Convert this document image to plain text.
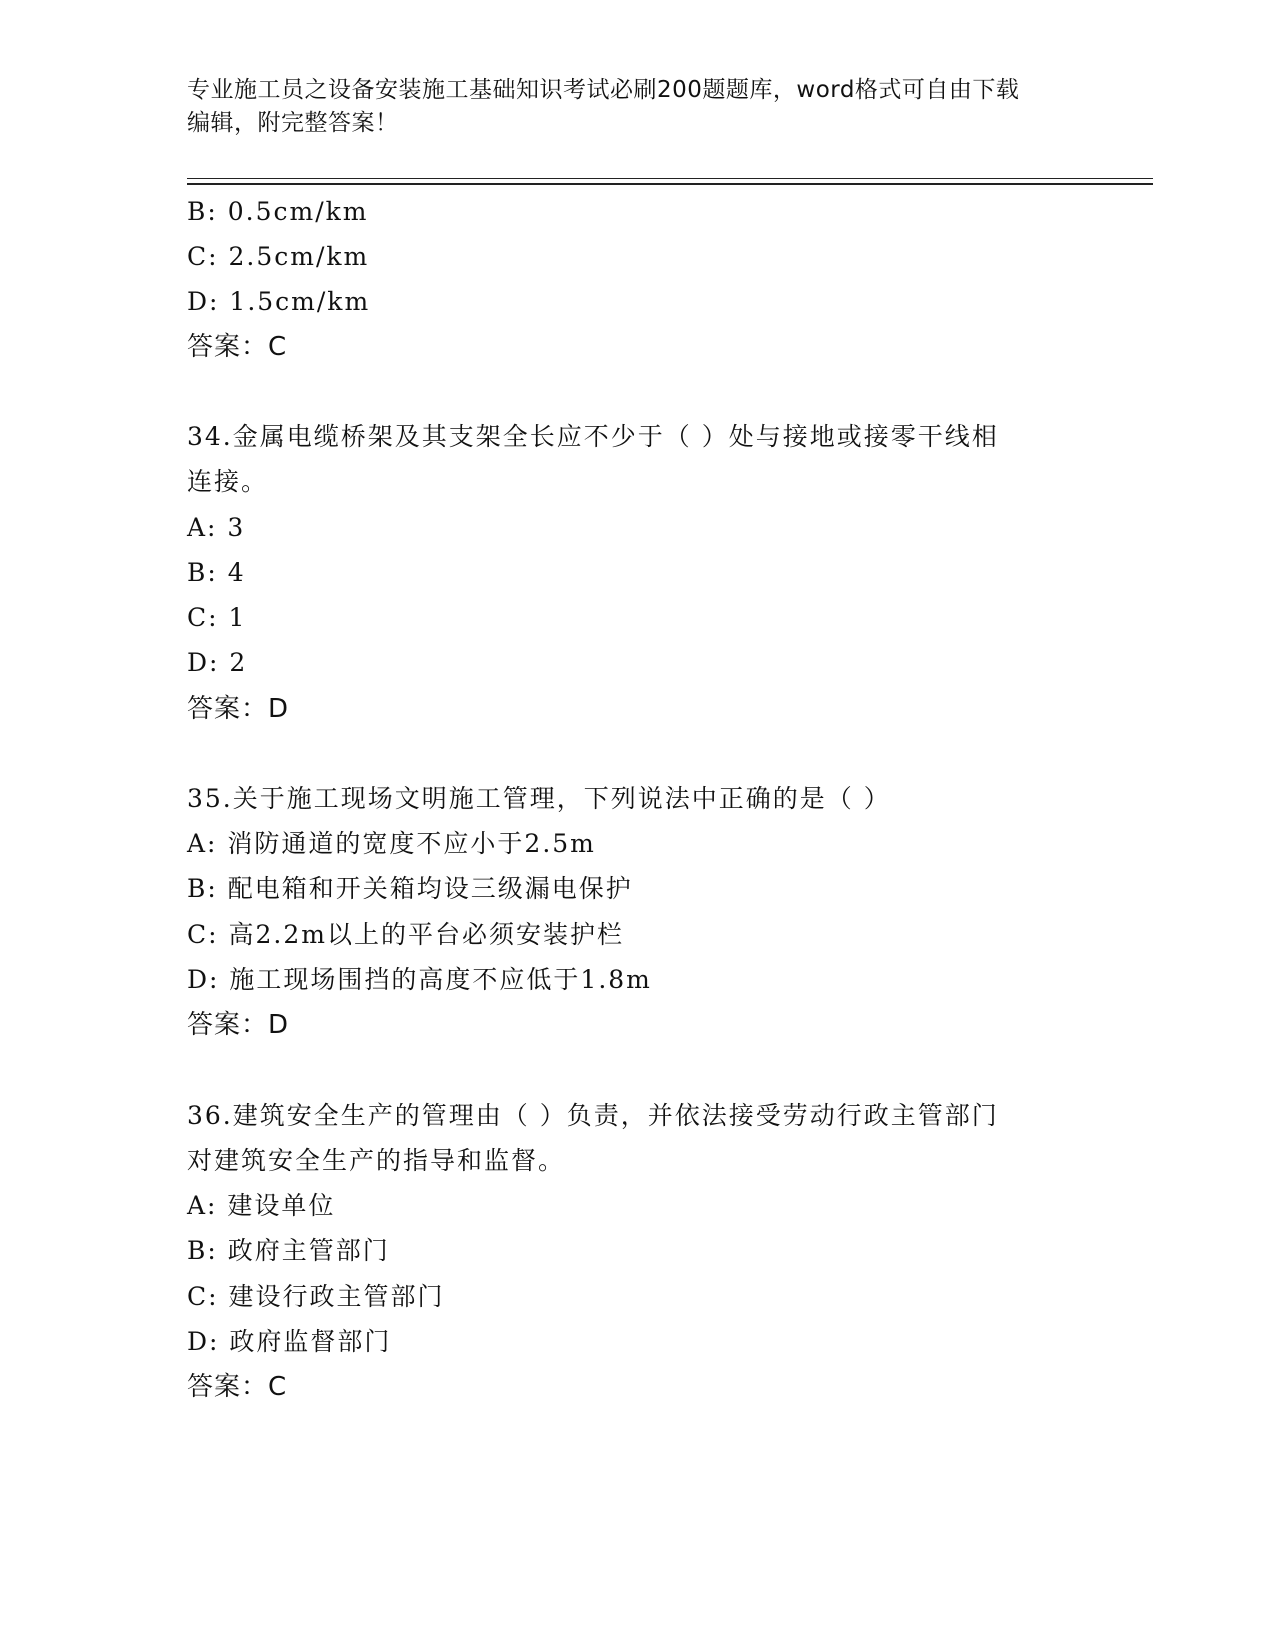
专业施工员之设备安装施工基础知识考试必刷200题题库，word格式可自由下载
编辑，附完整答案！
B: 0.5cm/km
C: 2.5cm/km
D: 1.5cm/km
答案：C
34.金属电缆桥架及其支架全长应不少于（ ）处与接地或接零干线相
连接。
A: 3
B: 4
C: 1
D: 2
答案：D
35.关于施工现场文明施工管理，下列说法中正确的是（ ）
A: 消防通道的宽度不应小于2.5m
B: 配电箱和开关箱均设三级漏电保护
C: 高2.2m以上的平台必须安装护栏
D: 施工现场围挡的高度不应低于1.8m
答案：D
36.建筑安全生产的管理由（ ）负责，并依法接受劳动行政主管部门
对建筑安全生产的指导和监督。
A: 建设单位
B: 政府主管部门
C: 建设行政主管部门
D: 政府监督部门
答案：C
